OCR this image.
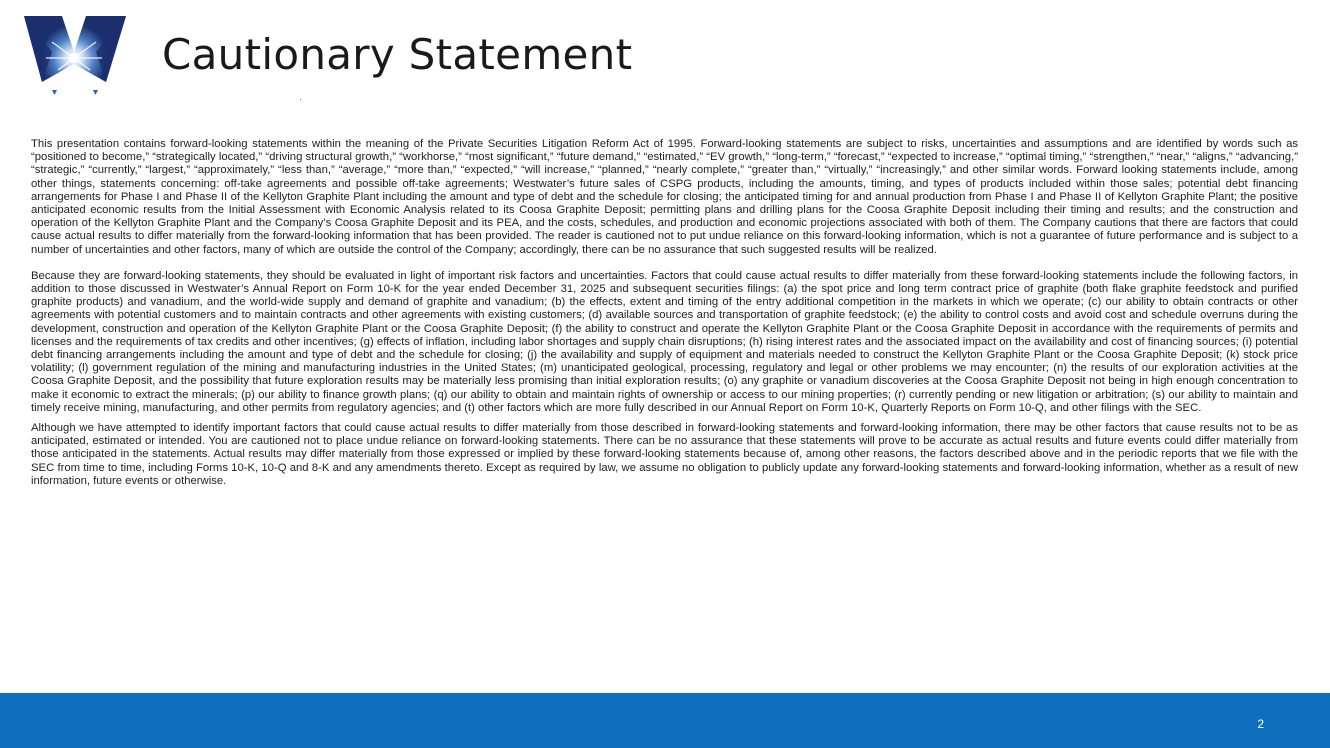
Cautionary Statement

This presentation contains forward-looking statements within the meaning of the Private Securities Litigation Reform Act of 1995. Forward-looking statements are subject to risks, uncertainties and assumptions and are identified by words such as “positioned to become,” “strategically located,” “driving structural growth,” “workhorse,” “most significant,” “future demand,” “estimated,” “EV growth,” “long-term,” “forecast,” “expected to increase,” “optimal timing,” “strengthen,” “near,” “aligns,” “advancing,” “strategic,” “currently,” “largest,” “approximately,” “less than,” “average,” “more than,” “expected,” “will increase,” “planned,” “nearly complete,” “greater than,” “virtually,” “increasingly,” and other similar words. Forward looking statements include, among other things, statements concerning: off-take agreements and possible off-take agreements; Westwater’s future sales of CSPG products, including the amounts, timing, and types of products included within those sales; potential debt financing arrangements for Phase I and Phase II of the Kellyton Graphite Plant including the amount and type of debt and the schedule for closing; the anticipated timing for and annual production from Phase I and Phase II of Kellyton Graphite Plant; the positive anticipated economic results from the Initial Assessment with Economic Analysis related to its Coosa Graphite Deposit; permitting plans and drilling plans for the Coosa Graphite Deposit including their timing and results; and the construction and operation of the Kellyton Graphite Plant and the Company’s Coosa Graphite Deposit and its PEA, and the costs, schedules, and production and economic projections associated with both of them. The Company cautions that there are factors that could cause actual results to differ materially from the forward-looking information that has been provided. The reader is cautioned not to put undue reliance on this forward-looking information, which is not a guarantee of future performance and is subject to a number of uncertainties and other factors, many of which are outside the control of the Company; accordingly, there can be no assurance that such suggested results will be realized.

Because they are forward-looking statements, they should be evaluated in light of important risk factors and uncertainties. Factors that could cause actual results to differ materially from these forward-looking statements include the following factors, in addition to those discussed in Westwater’s Annual Report on Form 10-K for the year ended December 31, 2025 and subsequent securities filings: (a) the spot price and long term contract price of graphite (both flake graphite feedstock and purified graphite products) and vanadium, and the world-wide supply and demand of graphite and vanadium; (b) the effects, extent and timing of the entry additional competition in the markets in which we operate; (c) our ability to obtain contracts or other agreements with potential customers and to maintain contracts and other agreements with existing customers; (d) available sources and transportation of graphite feedstock; (e) the ability to control costs and avoid cost and schedule overruns during the development, construction and operation of the Kellyton Graphite Plant or the Coosa Graphite Deposit; (f) the ability to construct and operate the Kellyton Graphite Plant or the Coosa Graphite Deposit in accordance with the requirements of permits and licenses and the requirements of tax credits and other incentives; (g) effects of inflation, including labor shortages and supply chain disruptions; (h) rising interest rates and the associated impact on the availability and cost of financing sources; (i) potential debt financing arrangements including the amount and type of debt and the schedule for closing; (j) the availability and supply of equipment and materials needed to construct the Kellyton Graphite Plant or the Coosa Graphite Deposit; (k) stock price volatility; (l) government regulation of the mining and manufacturing industries in the United States; (m) unanticipated geological, processing, regulatory and legal or other problems we may encounter; (n) the results of our exploration activities at the Coosa Graphite Deposit, and the possibility that future exploration results may be materially less promising than initial exploration results; (o) any graphite or vanadium discoveries at the Coosa Graphite Deposit not being in high enough concentration to make it economic to extract the minerals; (p) our ability to finance growth plans; (q) our ability to obtain and maintain rights of ownership or access to our mining properties; (r) currently pending or new litigation or arbitration; (s) our ability to maintain and timely receive mining, manufacturing, and other permits from regulatory agencies; and (t) other factors which are more fully described in our Annual Report on Form 10-K, Quarterly Reports on Form 10-Q, and other filings with the SEC.

Although we have attempted to identify important factors that could cause actual results to differ materially from those described in forward-looking statements and forward-looking information, there may be other factors that cause results not to be as anticipated, estimated or intended. You are cautioned not to place undue reliance on forward-looking statements. There can be no assurance that these statements will prove to be accurate as actual results and future events could differ materially from those anticipated in the statements. Actual results may differ materially from those expressed or implied by these forward-looking statements because of, among other reasons, the factors described above and in the periodic reports that we file with the SEC from time to time, including Forms 10-K, 10-Q and 8-K and any amendments thereto. Except as required by law, we assume no obligation to publicly update any forward-looking statements and forward-looking information, whether as a result of new information, future events or otherwise.

2
